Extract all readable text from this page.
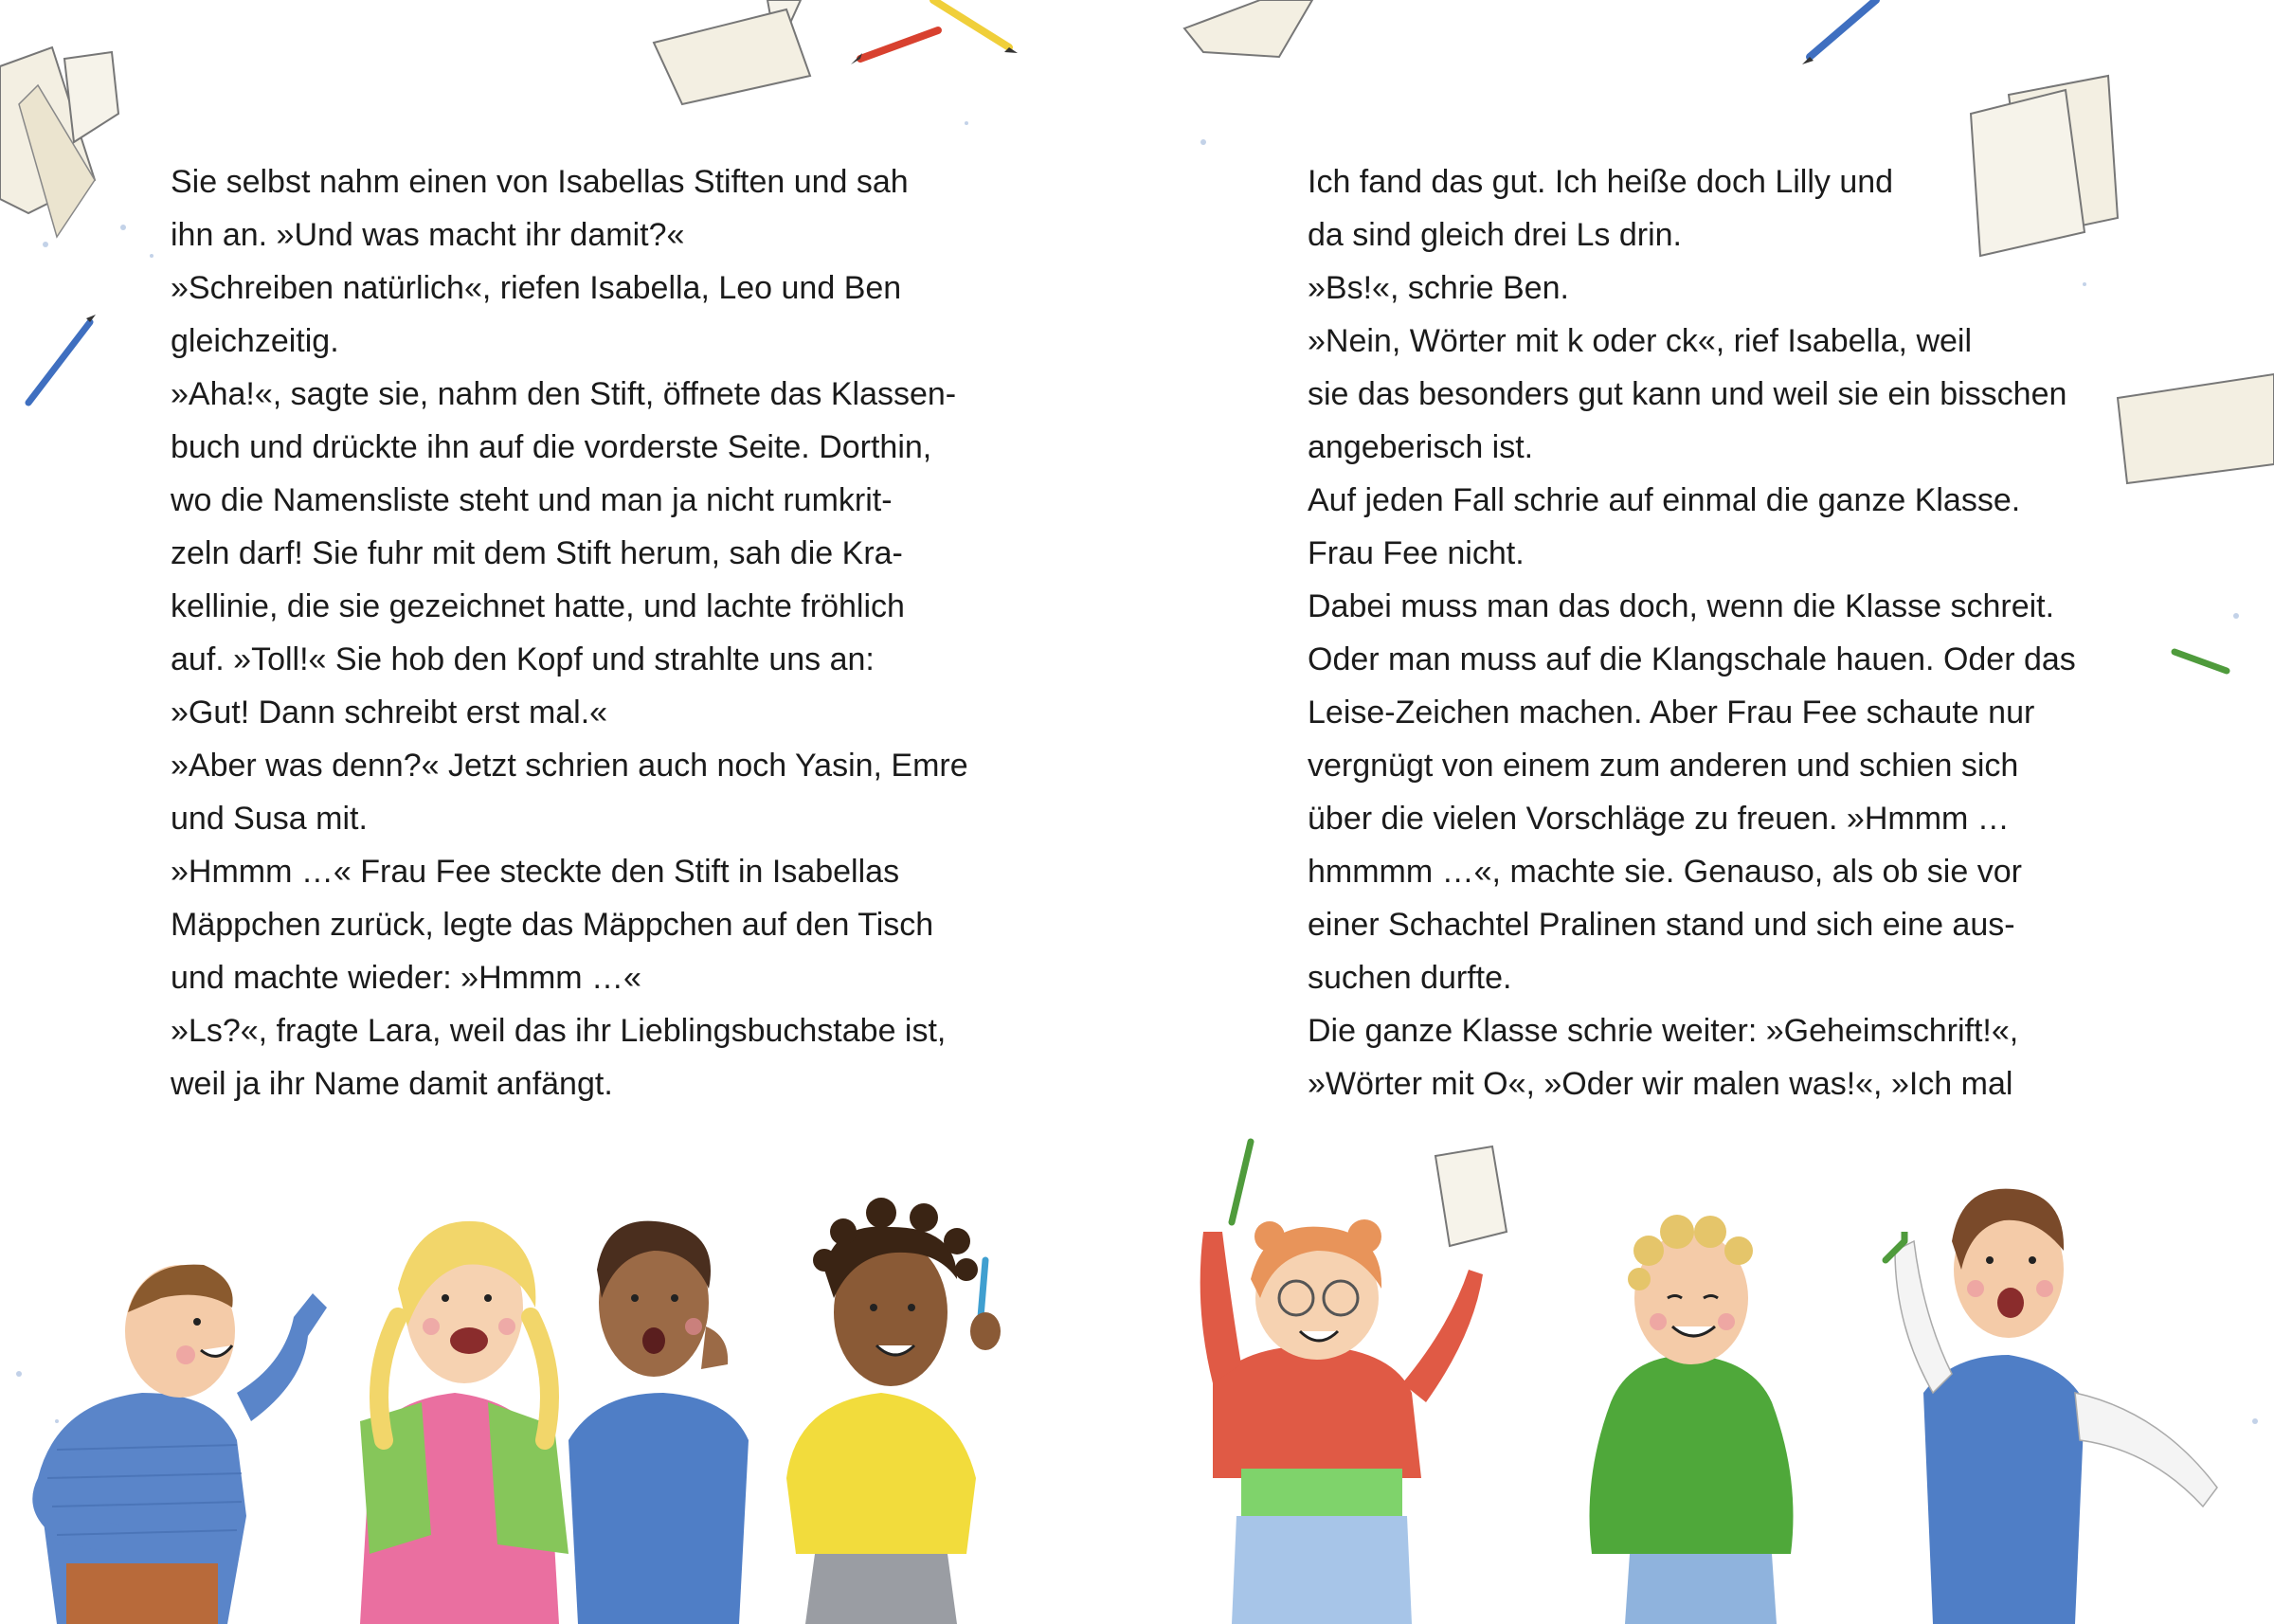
Sie selbst nahm einen von Isabellas Stiften und sah
ihn an. »Und was macht ihr damit?«
»Schreiben natürlich«, riefen Isabella, Leo und Ben
gleichzeitig.
»Aha!«, sagte sie, nahm den Stift, öffnete das Klassen-
buch und drückte ihn auf die vorderste Seite. Dorthin,
wo die Namensliste steht und man ja nicht rumkrit-
zeln darf! Sie fuhr mit dem Stift herum, sah die Kra-
kellinie, die sie gezeichnet hatte, und lachte fröhlich
auf. »Toll!« Sie hob den Kopf und strahlte uns an:
»Gut! Dann schreibt erst mal.«
»Aber was denn?« Jetzt schrien auch noch Yasin, Emre
und Susa mit.
»Hmmm …« Frau Fee steckte den Stift in Isabellas
Mäppchen zurück, legte das Mäppchen auf den Tisch
und machte wieder: »Hmmm …«
»Ls?«, fragte Lara, weil das ihr Lieblingsbuchstabe ist,
weil ja ihr Name damit anfängt.
Ich fand das gut. Ich heiße doch Lilly und
da sind gleich drei Ls drin.
»Bs!«, schrie Ben.
»Nein, Wörter mit k oder ck«, rief Isabella, weil
sie das besonders gut kann und weil sie ein bisschen
angeberisch ist.
Auf jeden Fall schrie auf einmal die ganze Klasse.
Frau Fee nicht.
Dabei muss man das doch, wenn die Klasse schreit.
Oder man muss auf die Klangschale hauen. Oder das
Leise-Zeichen machen. Aber Frau Fee schaute nur
vergnügt von einem zum anderen und schien sich
über die vielen Vorschläge zu freuen. »Hmmm …
hmmmm …«, machte sie. Genauso, als ob sie vor
einer Schachtel Pralinen stand und sich eine aus-
suchen durfte.
Die ganze Klasse schrie weiter: »Geheimschrift!«,
»Wörter mit O«, »Oder wir malen was!«, »Ich mal
